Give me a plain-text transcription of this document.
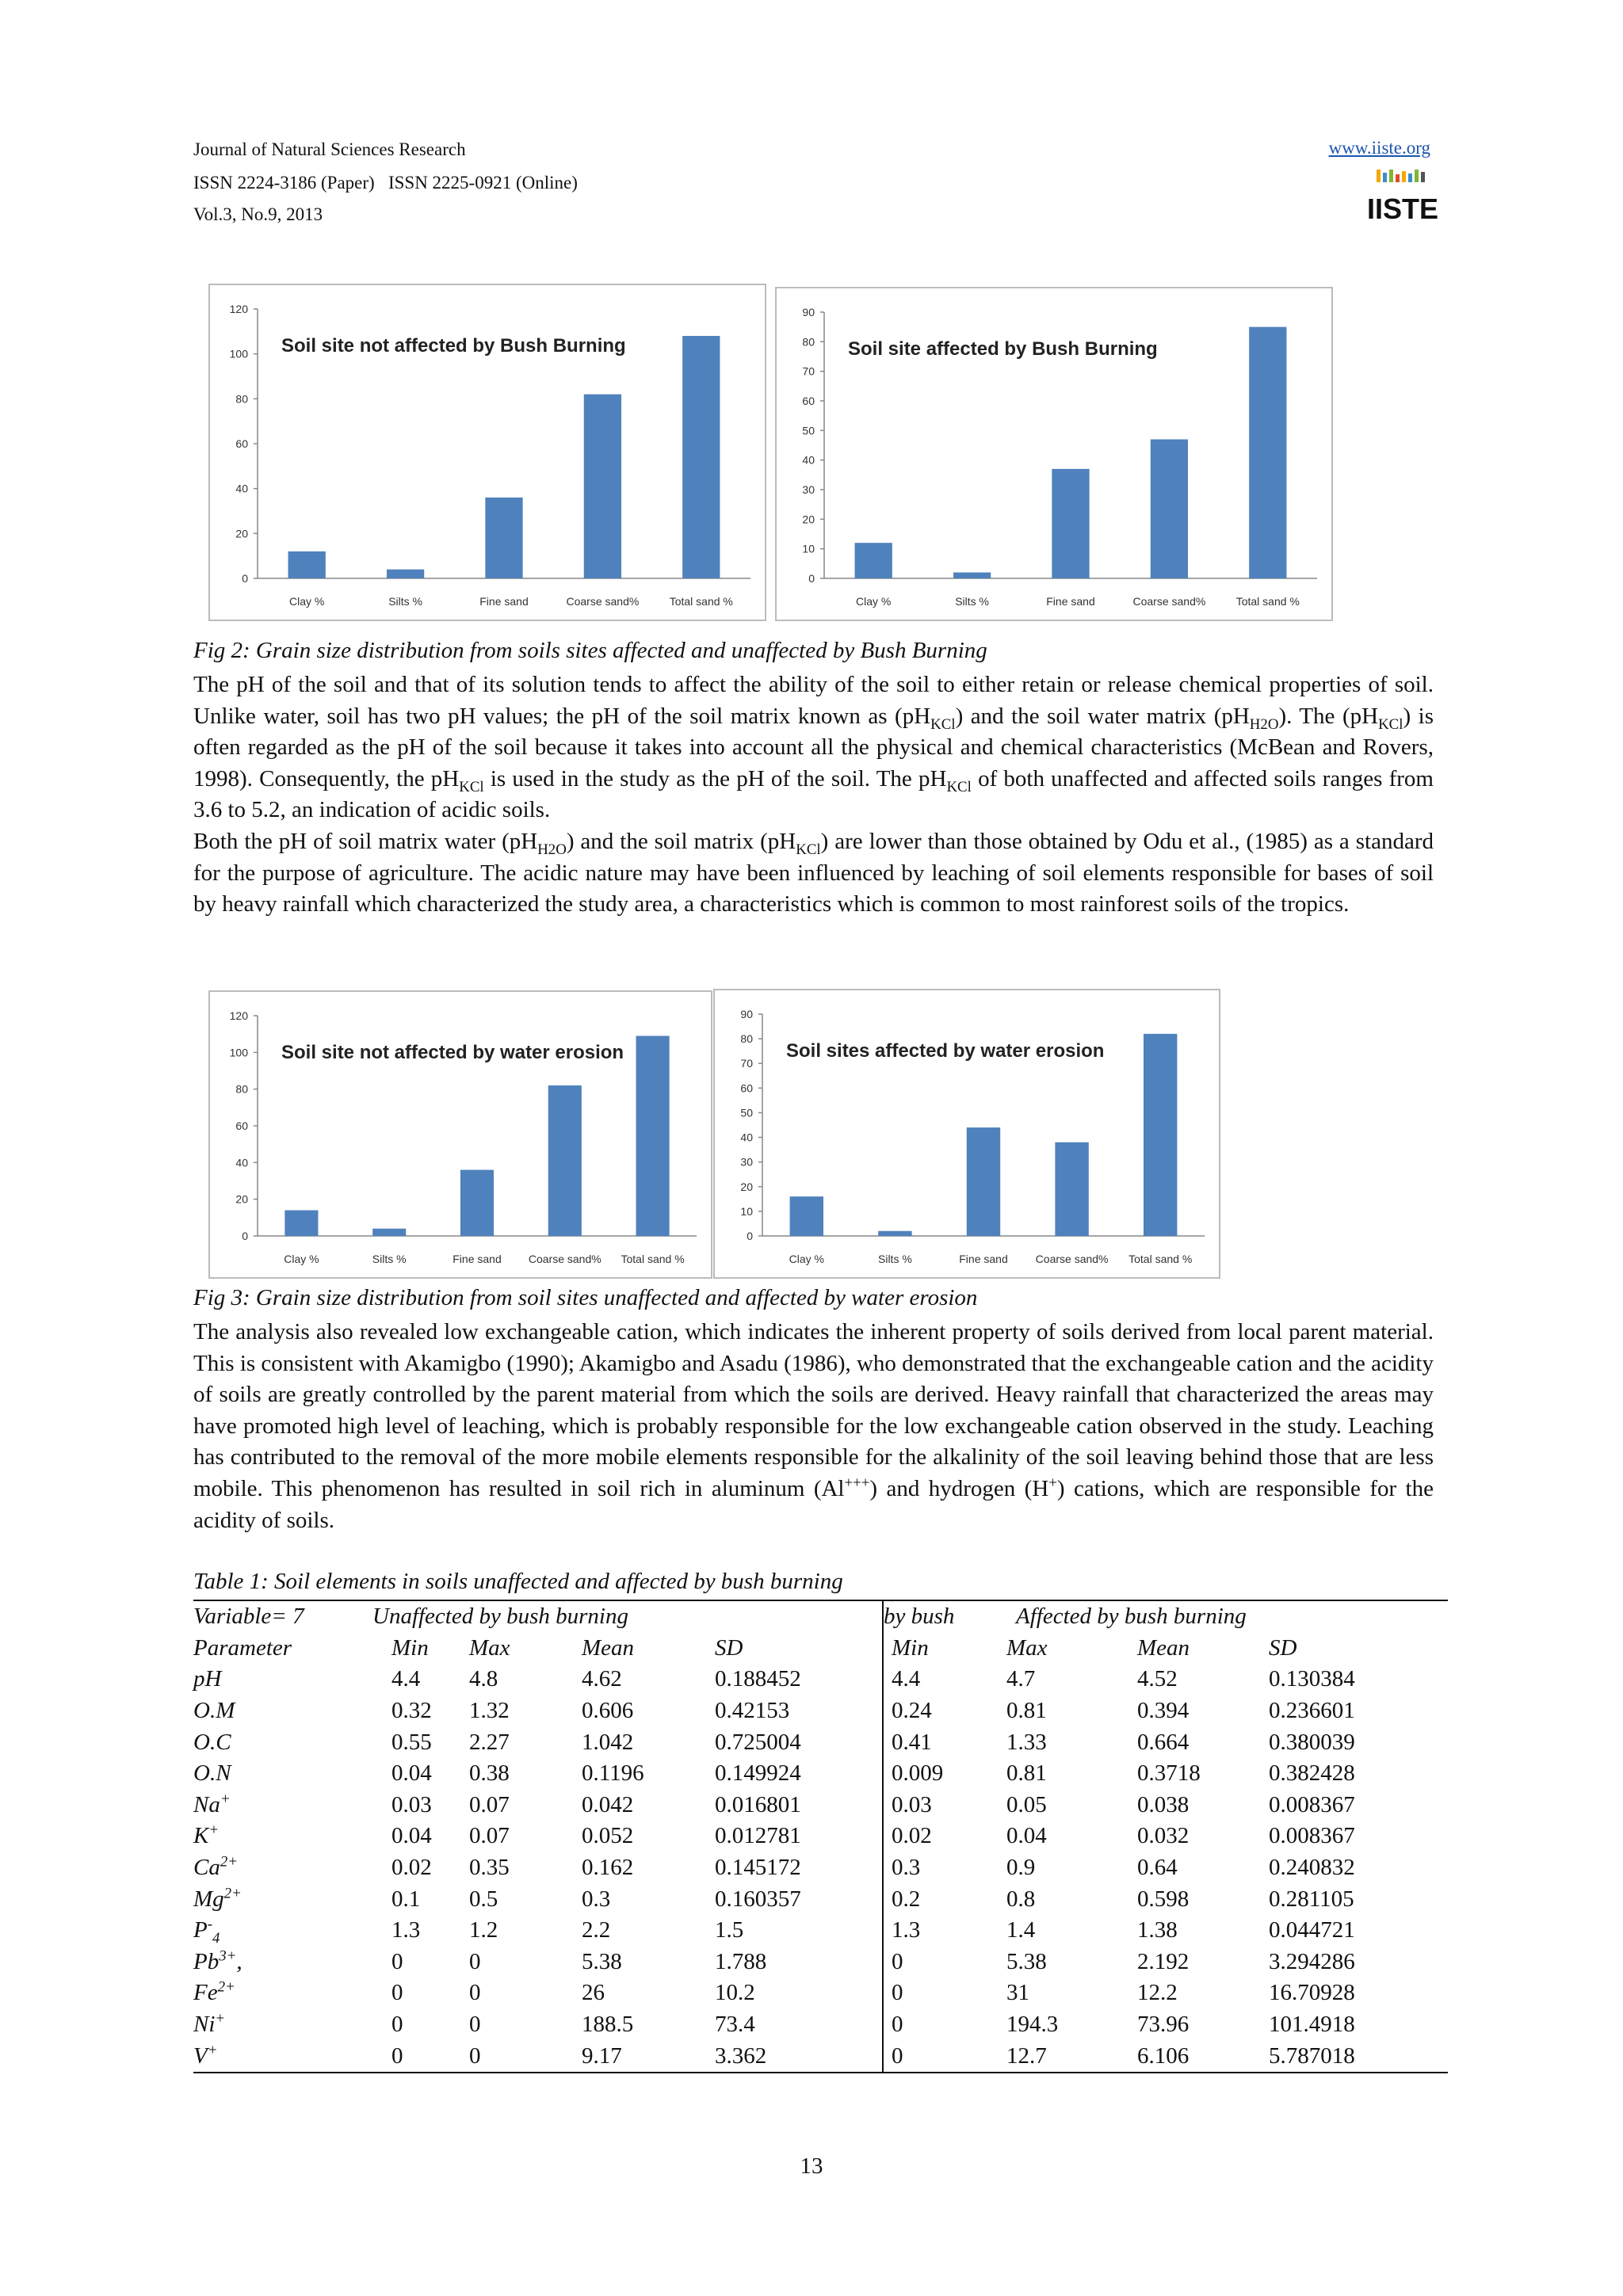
Journal of Natural Sciences Research
ISSN 2224-3186 (Paper)   ISSN 2225-0921 (Online)
Vol.3, No.9, 2013
www.iiste.org
IISTE
0
20
40
60
80
100
120
Clay %	Silts %	Fine sand	Coarse sand%	Total sand %
Soil site not affected by Bush Burning
0
10
20
30
40
50
60
70
80
90
Clay %	Silts %	Fine sand	Coarse sand%	Total sand %
Soil site affected by Bush Burning
Fig 2: Grain size distribution from soils sites affected and unaffected by Bush Burning

The pH of the soil and that of its solution tends to affect the ability of the soil to either retain or release chemical properties of soil. Unlike water, soil has two pH values; the pH of the soil matrix known as $(pH_{KCl})$ and the soil water matrix $(pH_{H2O})$. The $(pH_{KCl})$ is often regarded as the pH of the soil because it takes into account all the physical and chemical characteristics (McBean and Rovers, 1998). Consequently, the $pH_{KCl}$ is used in the study as the pH of the soil. The $pH_{KCl}$ of both unaffected and affected soils ranges from 3.6 to 5.2, an indication of acidic soils.

Both the pH of soil matrix water $(pH_{H2O})$ and the soil matrix $(pH_{KCl})$ are lower than those obtained by Odu et al., (1985) as a standard for the purpose of agriculture. The acidic nature may have been influenced by leaching of soil elements responsible for bases of soil by heavy rainfall which characterized the study area, a characteristics which is common to most rainforest soils of the tropics.

0
20
40
60
80
100
120
Clay %	Silts %	Fine sand Coarse sand% Total sand %
Soil site not affected by water erosion
0
10
20
30
40
50
60
70
80
90
Clay %	Silts %	Fine sand Coarse sand% Total sand %
Soil sites affected by water erosion
Fig 3: Grain size distribution from soil sites unaffected and affected by water erosion

The analysis also revealed low exchangeable cation, which indicates the inherent property of soils derived from local parent material. This is consistent with Akamigbo (1990); Akamigbo and Asadu (1986), who demonstrated that the exchangeable cation and the acidity of soils are greatly controlled by the parent material from which the soils are derived. Heavy rainfall that characterized the areas may have promoted high level of leaching, which is probably responsible for the low exchangeable cation observed in the study. Leaching has contributed to the removal of the more mobile elements responsible for the alkalinity of the soil leaving behind those that are less mobile. This phenomenon has resulted in soil rich in aluminum (Al+++) and hydrogen (H+) cations, which are responsible for the acidity of soils.

Table 1: Soil elements in soils unaffected and affected by bush burning
Variable= 7	Unaffected by bush burning				by bush	Affected by bush burning		
Parameter	Min	Max	Mean	SD	Min	Max	Mean	SD
pH	4.4	4.8	4.62	0.188452	4.4	4.7	4.52	0.130384
O.M	0.32	1.32	0.606	0.42153	0.24	0.81	0.394	0.236601
O.C	0.55	2.27	1.042	0.725004	0.41	1.33	0.664	0.380039
O.N	0.04	0.38	0.1196	0.149924	0.009	0.81	0.3718	0.382428
Na+	0.03	0.07	0.042	0.016801	0.03	0.05	0.038	0.008367
K+	0.04	0.07	0.052	0.012781	0.02	0.04	0.032	0.008367
$Ca^{2+}$	0.02	0.35	0.162	0.145172	0.3	0.9	0.64	0.240832
$Mg^{2+}$	0.1	0.5	0.3	0.160357	0.2	0.8	0.598	0.281105
$P^-_4$	1.3	1.2	2.2	1.5	1.3	1.4	1.38	0.044721
$Pb^{3+}$,	0	0	5.38	1.788	0	5.38	2.192	3.294286
$Fe^{2+}$	0	0	26	10.2	0	31	12.2	16.70928
Ni+	0	0	188.5	73.4	0	194.3	73.96	101.4918
V+	0	0	9.17	3.362	0	12.7	6.106	5.787018
13
